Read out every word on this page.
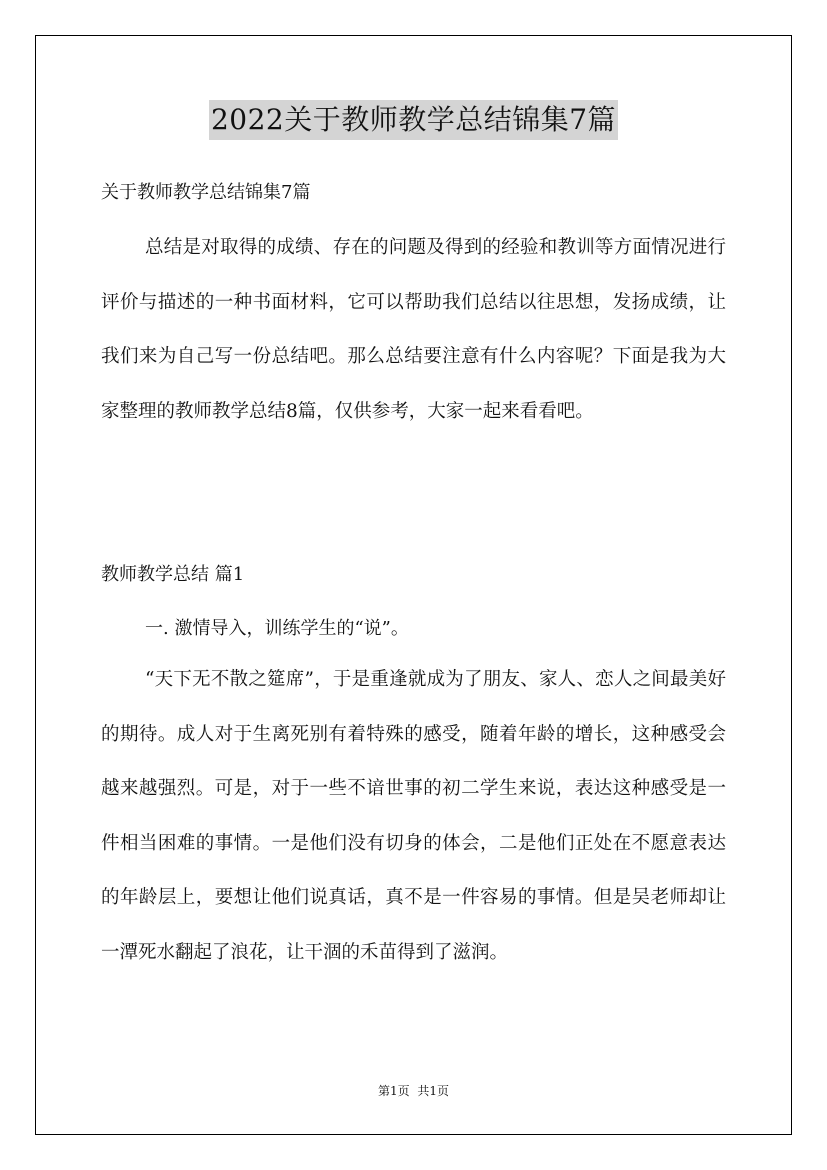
2022关于教师教学总结锦集7篇
关于教师教学总结锦集7篇
总结是对取得的成绩、存在的问题及得到的经验和教训等方面情况进行评价与描述的一种书面材料，它可以帮助我们总结以往思想，发扬成绩，让我们来为自己写一份总结吧。那么总结要注意有什么内容呢？下面是我为大家整理的教师教学总结8篇，仅供参考，大家一起来看看吧。
教师教学总结 篇1
一. 激情导入，训练学生的“说”。
“天下无不散之筵席”，于是重逢就成为了朋友、家人、恋人之间最美好的期待。成人对于生离死别有着特殊的感受，随着年龄的增长，这种感受会越来越强烈。可是，对于一些不谙世事的初二学生来说，表达这种感受是一件相当困难的事情。一是他们没有切身的体会，二是他们正处在不愿意表达的年龄层上，要想让他们说真话，真不是一件容易的事情。但是吴老师却让一潭死水翻起了浪花，让干涸的禾苗得到了滋润。
第1页 共1页
